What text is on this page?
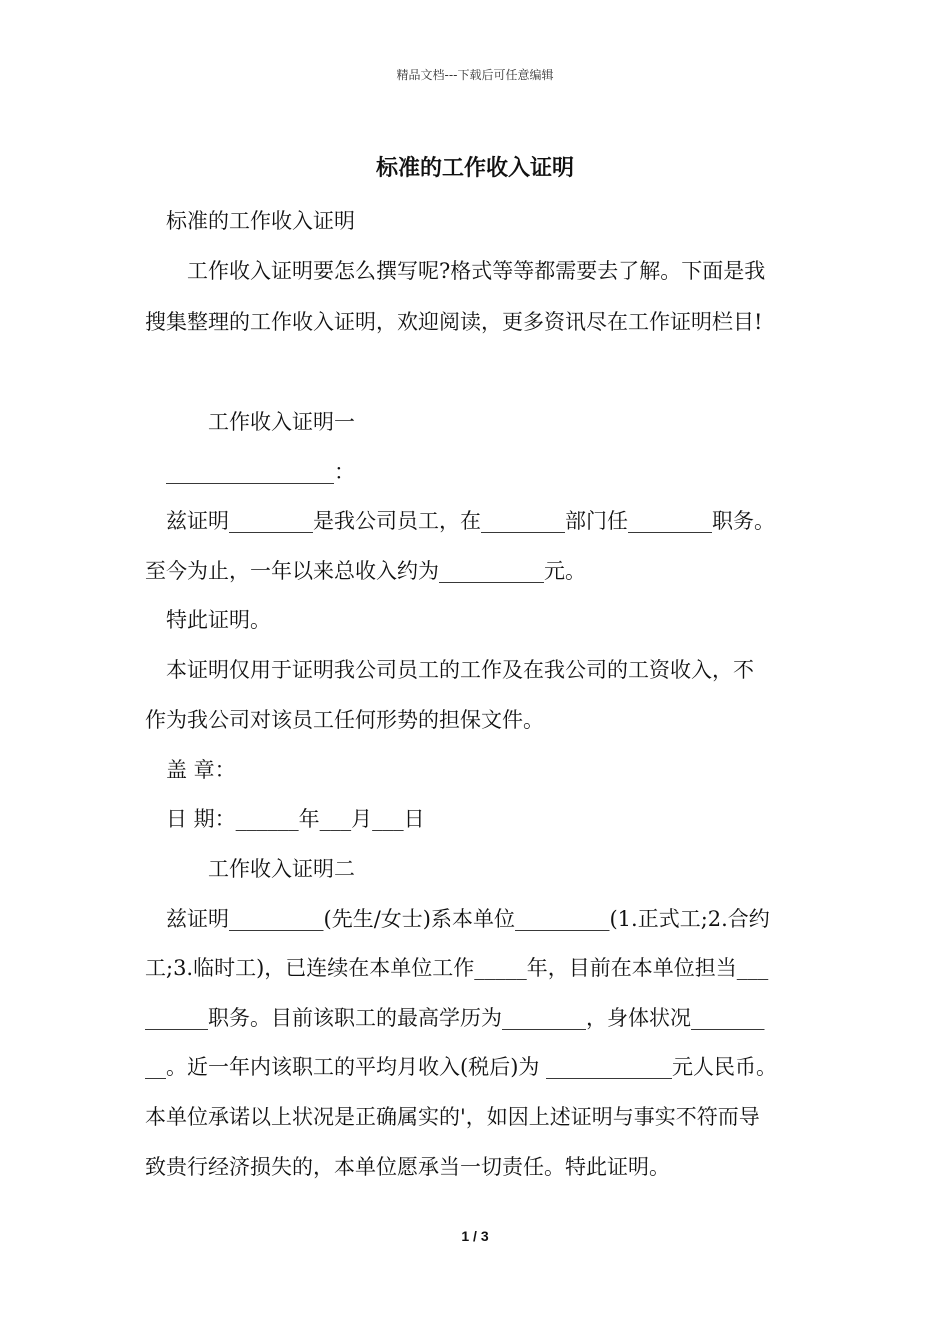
精品文档---下载后可任意编辑
标准的工作收入证明
　标准的工作收入证明
　　工作收入证明要怎么撰写呢?格式等等都需要去了解。下面是我
搜集整理的工作收入证明，欢迎阅读，更多资讯尽在工作证明栏目!
　　　工作收入证明一
　________________：
　兹证明________是我公司员工，在________部门任________职务。
至今为止，一年以来总收入约为__________元。
　特此证明。
　本证明仅用于证明我公司员工的工作及在我公司的工资收入，不
作为我公司对该员工任何形势的担保文件。
　盖 章：
　日 期：______年___月___日
　　　工作收入证明二
　兹证明_________(先生/女士)系本单位_________(1.正式工;2.合约
工;3.临时工)，已连续在本单位工作_____年，目前在本单位担当___
______职务。目前该职工的最高学历为________，身体状况_______
__。近一年内该职工的平均月收入(税后)为 ____________元人民币。
本单位承诺以上状况是正确属实的'，如因上述证明与事实不符而导
致贵行经济损失的，本单位愿承当一切责任。特此证明。
1 / 3
